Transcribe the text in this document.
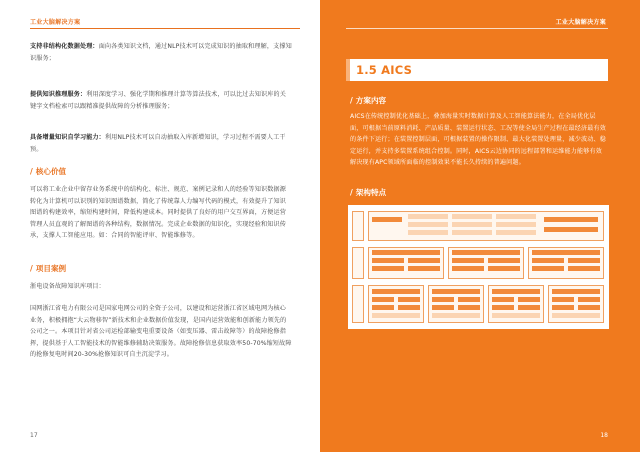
工业大脑解决方案
支持非结构化数据处理：面向各类知识文档，通过NLP技术可以完成知识的抽取和理解，支撑知识服务；
提供知识推理服务：利用深度学习、强化学期和推理计算等算法技术，可以比过去知识库的关键字文档检索可以跟精准提供故障的分析推理服务；
具备增量知识自学习能力：利用NLP技术可以自动抽取入库新增知识，学习过程不需要人工干预。
/ 核心价值
可以将工业企业中留存业务系统中的结构化、标注、规范、案例记录和人的经验等知识数据源转化为计算机可以识别的知识图谱数据，简化了传统靠人力编写代码的模式，有效提升了知识图谱的构建效率，缩短构建时间，降低构建成本。同时提供了良好的用户交互界面，方便运营管理人员直观的了解图谱的各种结构，数据情况。完成企业数据的知识化，实现经验和知识传承，支撑人工智能应用。如：合同的智能评审、智能维修等。
/ 项目案例
浙电设备故障知识库项目：
国网浙江省电力有限公司是国家电网公司的全资子公司，以建设和运营浙江省区域电网为核心业务，积极拥抱“大云物移智”新技术和企业数据价值发现，是国内运营效能和创新能力领先的公司之一。本项目针对省公司运检部输变电重要设备（如变压器、雷击故障等）的故障抢修指挥，提供基于人工智能技术的智能维修辅助决策服务。故障抢修信息获取效率50-70%缩短故障的抢修复电时间20-30%抢修知识可自主沉淀学习。
17
工业大脑解决方案
1.5 AICS
/ 方案内容
AICS在传统控制优化基础上，叠加海量实时数据计算及人工智能算法能力，在全局优化层面，可根据当前原料消耗、产品质量、装置运行状态、工况等使全局生产过程在最经济最有效的条件下运行；在装置控制层面，可根据装置的操作限制、最大化装置处理量，减少波动、稳定运行，并支持多装置系统组合控制。同时，AICS云边协同的远程部署和运维能力能够有效解决现有APC领域所面临的控制效果不能长久持续的普遍问题。
/ 架构特点
18
